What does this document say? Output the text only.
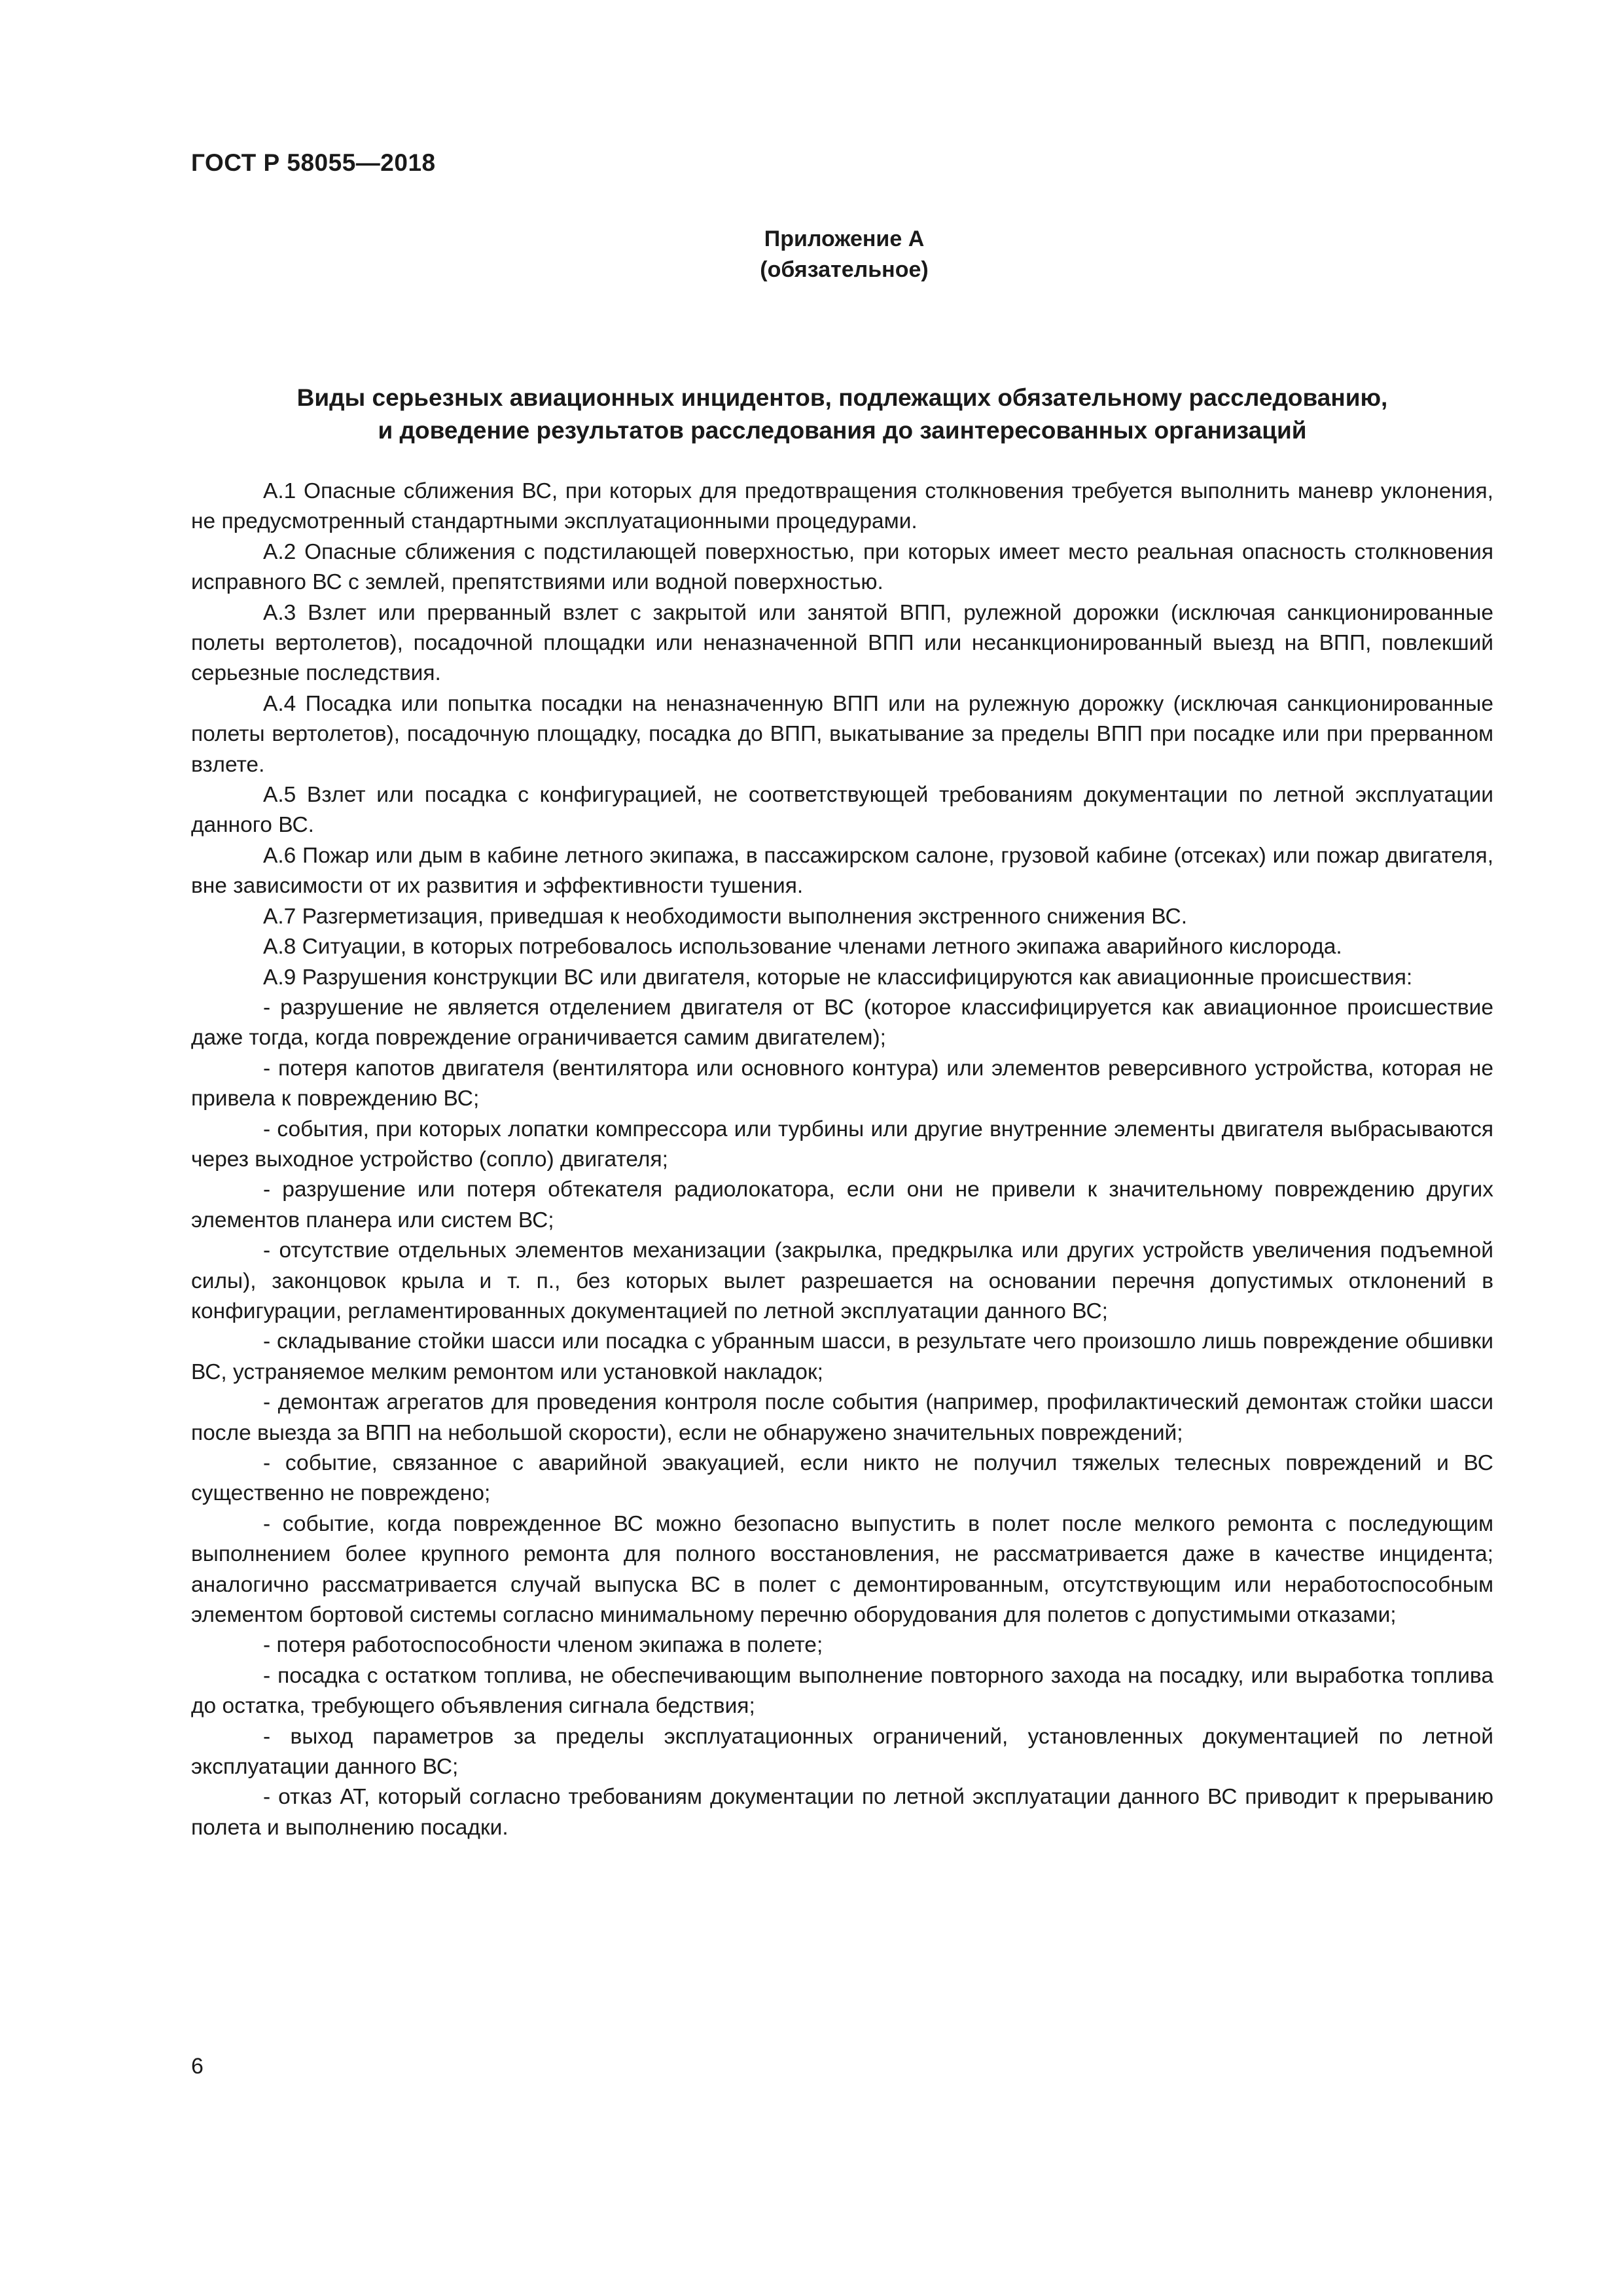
ГОСТ Р 58055—2018
Приложение А
(обязательное)
Виды серьезных авиационных инцидентов, подлежащих обязательному расследованию,
и доведение результатов расследования до заинтересованных организаций

А.1 Опасные сближения ВС, при которых для предотвращения столкновения требуется выполнить маневр уклонения, не предусмотренный стандартными эксплуатационными процедурами.

А.2 Опасные сближения с подстилающей поверхностью, при которых имеет место реальная опасность столкновения исправного ВС с землей, препятствиями или водной поверхностью.

А.3 Взлет или прерванный взлет с закрытой или занятой ВПП, рулежной дорожки (исключая санкционированные полеты вертолетов), посадочной площадки или неназначенной ВПП или несанкционированный выезд на ВПП, повлекший серьезные последствия.

А.4 Посадка или попытка посадки на неназначенную ВПП или на рулежную дорожку (исключая санкционированные полеты вертолетов), посадочную площадку, посадка до ВПП, выкатывание за пределы ВПП при посадке или при прерванном взлете.

А.5 Взлет или посадка с конфигурацией, не соответствующей требованиям документации по летной эксплуатации данного ВС.

А.6 Пожар или дым в кабине летного экипажа, в пассажирском салоне, грузовой кабине (отсеках) или пожар двигателя, вне зависимости от их развития и эффективности тушения.

А.7 Разгерметизация, приведшая к необходимости выполнения экстренного снижения ВС.

А.8 Ситуации, в которых потребовалось использование членами летного экипажа аварийного кислорода.

А.9 Разрушения конструкции ВС или двигателя, которые не классифицируются как авиационные происшествия:

- разрушение не является отделением двигателя от ВС (которое классифицируется как авиационное происшествие даже тогда, когда повреждение ограничивается самим двигателем);

- потеря капотов двигателя (вентилятора или основного контура) или элементов реверсивного устройства, которая не привела к повреждению ВС;

- события, при которых лопатки компрессора или турбины или другие внутренние элементы двигателя выбрасываются через выходное устройство (сопло) двигателя;

- разрушение или потеря обтекателя радиолокатора, если они не привели к значительному повреждению других элементов планера или систем ВС;

- отсутствие отдельных элементов механизации (закрылка, предкрылка или других устройств увеличения подъемной силы), законцовок крыла и т. п., без которых вылет разрешается на основании перечня допустимых отклонений в конфигурации, регламентированных документацией по летной эксплуатации данного ВС;

- складывание стойки шасси или посадка с убранным шасси, в результате чего произошло лишь повреждение обшивки ВС, устраняемое мелким ремонтом или установкой накладок;

- демонтаж агрегатов для проведения контроля после события (например, профилактический демонтаж стойки шасси после выезда за ВПП на небольшой скорости), если не обнаружено значительных повреждений;

- событие, связанное с аварийной эвакуацией, если никто не получил тяжелых телесных повреждений и ВС существенно не повреждено;

- событие, когда поврежденное ВС можно безопасно выпустить в полет после мелкого ремонта с последующим выполнением более крупного ремонта для полного восстановления, не рассматривается даже в качестве инцидента; аналогично рассматривается случай выпуска ВС в полет с демонтированным, отсутствующим или неработоспособным элементом бортовой системы согласно минимальному перечню оборудования для полетов с допустимыми отказами;

- потеря работоспособности членом экипажа в полете;

- посадка с остатком топлива, не обеспечивающим выполнение повторного захода на посадку, или выработка топлива до остатка, требующего объявления сигнала бедствия;

- выход параметров за пределы эксплуатационных ограничений, установленных документацией по летной эксплуатации данного ВС;

- отказ АТ, который согласно требованиям документации по летной эксплуатации данного ВС приводит к прерыванию полета и выполнению посадки.

6
